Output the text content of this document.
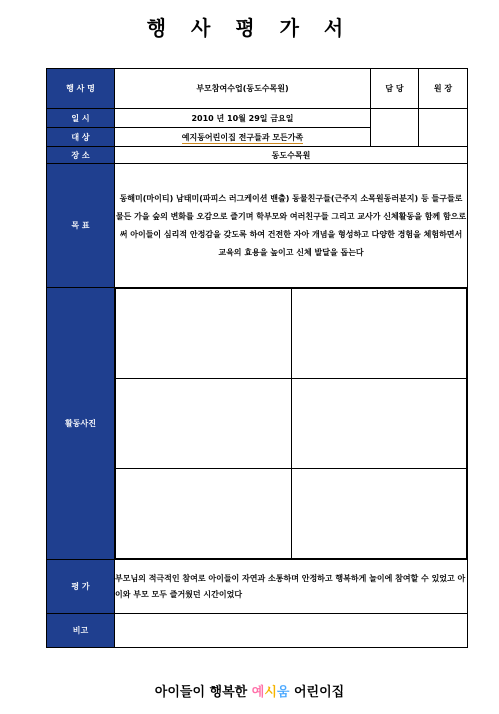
행 사 평 가 서
행 사 명	부모참여수업(동도수목원)	담 당	원 장
일 시	2010 년 10월 29일 금요일		
대 상	예지동어린이집 전구들과 모든가족
장 소	동도수목원
목 표	동해미(마이티) 남태미(파피스 러그케이션 밴출) 동물친구들(근주지 소목원동러분지) 등 들구들로 물든 가을 숲의 변화를 오감으로 즐기며 학부모와 여러친구들 그리고 교사가 신체활동을 함께 함으로써 아이들이 심리적 안정감을 갖도록 하여 건전한 자아 개념을 형성하고 다양한 경험을 체험하면서 교육의 효용을 높이고 신체 발달을 돕는다
활동사진	

평 가	부모님의 적극적인 참여로 아이들이 자연과 소통하며 안정하고 행복하게 놀이에 참여할 수 있었고 아이와 부모 모두 즐거웠던 시간이었다
비고	
아이들이 행복한 예시움 어린이집
